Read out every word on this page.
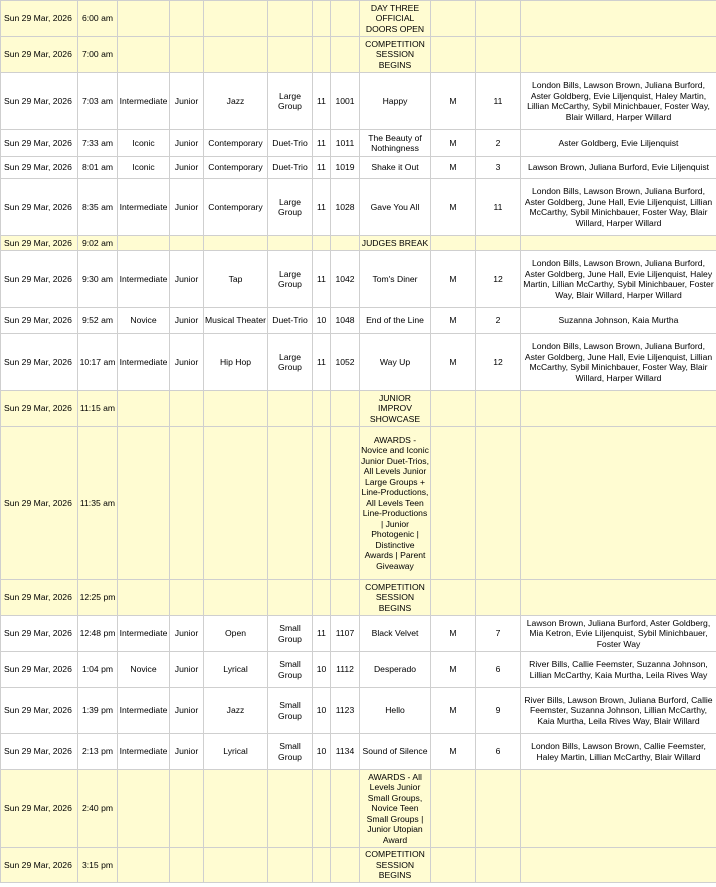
Sun 29 Mar, 2026	6:00 am							DAY THREE OFFICIAL DOORS OPEN			
Sun 29 Mar, 2026	7:00 am							COMPETITION SESSION BEGINS			
Sun 29 Mar, 2026	7:03 am	Intermediate	Junior	Jazz	Large Group	11	1001	Happy	M	11	London Bills, Lawson Brown, Juliana Burford, Aster Goldberg, Evie Liljenquist, Haley Martin, Lillian McCarthy, Sybil Minichbauer, Foster Way, Blair Willard, Harper Willard
Sun 29 Mar, 2026	7:33 am	Iconic	Junior	Contemporary	Duet-Trio	11	1011	The Beauty of Nothingness	M	2	Aster Goldberg, Evie Liljenquist
Sun 29 Mar, 2026	8:01 am	Iconic	Junior	Contemporary	Duet-Trio	11	1019	Shake it Out	M	3	Lawson Brown, Juliana Burford, Evie Liljenquist
Sun 29 Mar, 2026	8:35 am	Intermediate	Junior	Contemporary	Large Group	11	1028	Gave You All	M	11	London Bills, Lawson Brown, Juliana Burford, Aster Goldberg, June Hall, Evie Liljenquist, Lillian McCarthy, Sybil Minichbauer, Foster Way, Blair Willard, Harper Willard
Sun 29 Mar, 2026	9:02 am							JUDGES BREAK			
Sun 29 Mar, 2026	9:30 am	Intermediate	Junior	Tap	Large Group	11	1042	Tom's Diner	M	12	London Bills, Lawson Brown, Juliana Burford, Aster Goldberg, June Hall, Evie Liljenquist, Haley Martin, Lillian McCarthy, Sybil Minichbauer, Foster Way, Blair Willard, Harper Willard
Sun 29 Mar, 2026	9:52 am	Novice	Junior	Musical Theater	Duet-Trio	10	1048	End of the Line	M	2	Suzanna Johnson, Kaia Murtha
Sun 29 Mar, 2026	10:17 am	Intermediate	Junior	Hip Hop	Large Group	11	1052	Way Up	M	12	London Bills, Lawson Brown, Juliana Burford, Aster Goldberg, June Hall, Evie Liljenquist, Lillian McCarthy, Sybil Minichbauer, Foster Way, Blair Willard, Harper Willard
Sun 29 Mar, 2026	11:15 am							JUNIOR IMPROV SHOWCASE			
Sun 29 Mar, 2026	11:35 am							AWARDS - Novice and Iconic Junior Duet-Trios, All Levels Junior Large Groups + Line-Productions, All Levels Teen Line-Productions | Junior Photogenic | Distinctive Awards | Parent Giveaway			
Sun 29 Mar, 2026	12:25 pm							COMPETITION SESSION BEGINS			
Sun 29 Mar, 2026	12:48 pm	Intermediate	Junior	Open	Small Group	11	1107	Black Velvet	M	7	Lawson Brown, Juliana Burford, Aster Goldberg, Mia Ketron, Evie Liljenquist, Sybil Minichbauer, Foster Way
Sun 29 Mar, 2026	1:04 pm	Novice	Junior	Lyrical	Small Group	10	1112	Desperado	M	6	River Bills, Callie Feemster, Suzanna Johnson, Lillian McCarthy, Kaia Murtha, Leila Rives Way
Sun 29 Mar, 2026	1:39 pm	Intermediate	Junior	Jazz	Small Group	10	1123	Hello	M	9	River Bills, Lawson Brown, Juliana Burford, Callie Feemster, Suzanna Johnson, Lillian McCarthy, Kaia Murtha, Leila Rives Way, Blair Willard
Sun 29 Mar, 2026	2:13 pm	Intermediate	Junior	Lyrical	Small Group	10	1134	Sound of Silence	M	6	London Bills, Lawson Brown, Callie Feemster, Haley Martin, Lillian McCarthy, Blair Willard
Sun 29 Mar, 2026	2:40 pm							AWARDS - All Levels Junior Small Groups, Novice Teen Small Groups | Junior Utopian Award			
Sun 29 Mar, 2026	3:15 pm							COMPETITION SESSION BEGINS			
